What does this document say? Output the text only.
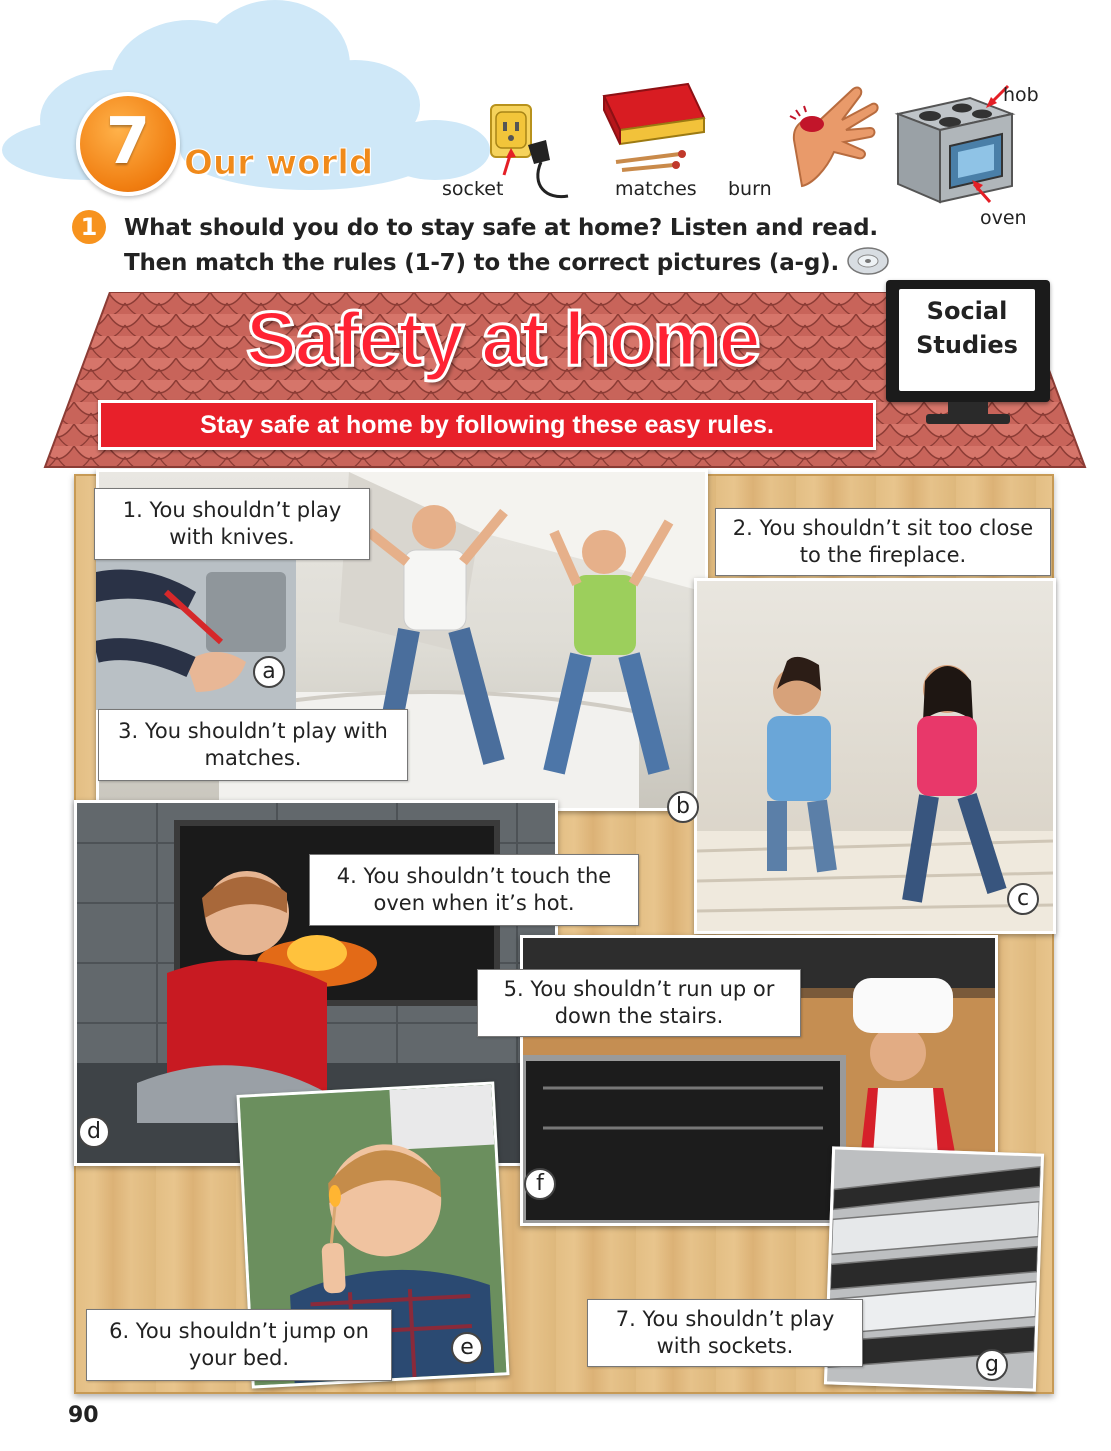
7 Our world
socket	matches burn
hob
oven
1	What should you do to stay safe at home? Listen and read.
Then match the rules (1-7) to the correct pictures (a-g).
Safety at home
Stay safe at home by following these easy rules.
Social
Studies
1. You shouldn’t play
with knives.	2. You shouldn’t sit too close
to the fireplace.
3. You shouldn’t play with
matches.
4. You shouldn’t touch the
oven when it’s hot.
5. You shouldn’t run up or
down the stairs.
6. You shouldn’t jump on
your bed.
7. You shouldn’t play
with sockets.
a
b
c
d
e
f
g
90
